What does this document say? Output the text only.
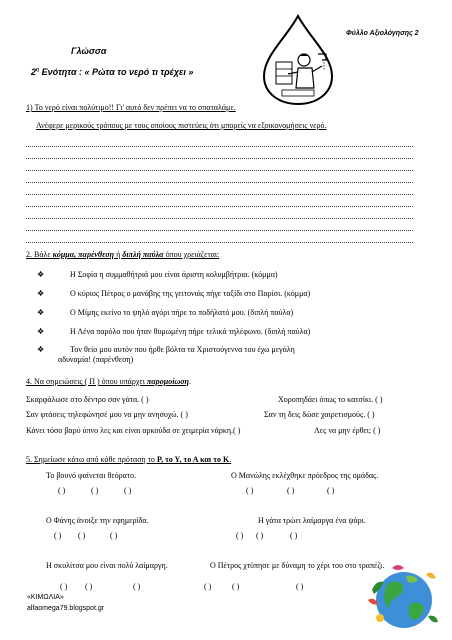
Φύλλο Αξιολόγησης 2
Γλώσσα
$2^\eta$ Ενότητα : « Ρώτα το νερό τι τρέχει »
1) Το νερό είναι πολύτιμο!! Γι' αυτό δεν πρέπει να το σπαταλάμε.
Ανέφερε μερικούς τρόπους με τους οποίους πιστεύεις ότι μπορείς να εξοικονομήσεις νερό.
2. Βάλε κόμμα, παρένθεση ή διπλή παύλα όπου χρειάζεται:
❖	Η Σοφία η συμμαθήτριά μου είναι άριστη κολυμβήτρια. (κόμμα)
❖	Ο κύριος Πέτρος ο μανάβης της γειτονιάς πήγε ταξίδι στο Παρίσι. (κόμμα)
❖	Ο Μίμης εκείνο το ψηλό αγόρι πήρε το ποδήλατό μου. (διπλή παύλα)
❖	Η Λένα παρόλο που ήταν θυμωμένη πήρε τελικά τηλέφωνο. (διπλή παύλα)
❖	Τον θείο μου αυτόν που ήρθε βόλτα τα Χριστούγεννα του έχω μεγάλη
αδυναμία! (παρένθεση)
4. Να σημειώσεις ( Π ) όπου υπάρχει παρομοίωση.
Σκαρφάλωσε στο δέντρο σαν γάτα. ( )	Χοροπηδάει όπως το κατσίκι. ( )
Σαν φτάσεις τηλεφώνησέ μου να μην ανησυχώ. ( )	Σαν τη δεις δώσε χαιρετισμούς. ( )
Κάνει τόσο βαρύ ύπνο λες και είναι αρκούδα σε χειμερία νάρκη.( )	Λες να μην έρθει; ( )
5. Σημείωσε κάτω από κάθε πρόταση το Ρ, το Υ, το Α και το Κ.
Το βουνό φαίνεται θεόρατο.	Ο Μανώλης εκλέχθηκε πρόεδρος της ομάδας.
( )	( )	( )	( )	( )	( )
Ο Φάνης άνοιξε την εφημερίδα.	Η γάτα τρώει λαίμαργα ένα ψάρι.
( ) ( )	( )	( ) ( )	( )
Η σκυλίτσα μου είναι πολύ λαίμαργη.	Ο Πέτρος χτύπησε με δύναμη το χέρι του στο τραπέζι.
( ) ( )	( )	( )	( )	( )
«ΚΙΜΩΛΙΑ»
alfaomega79.blogspot.gr
